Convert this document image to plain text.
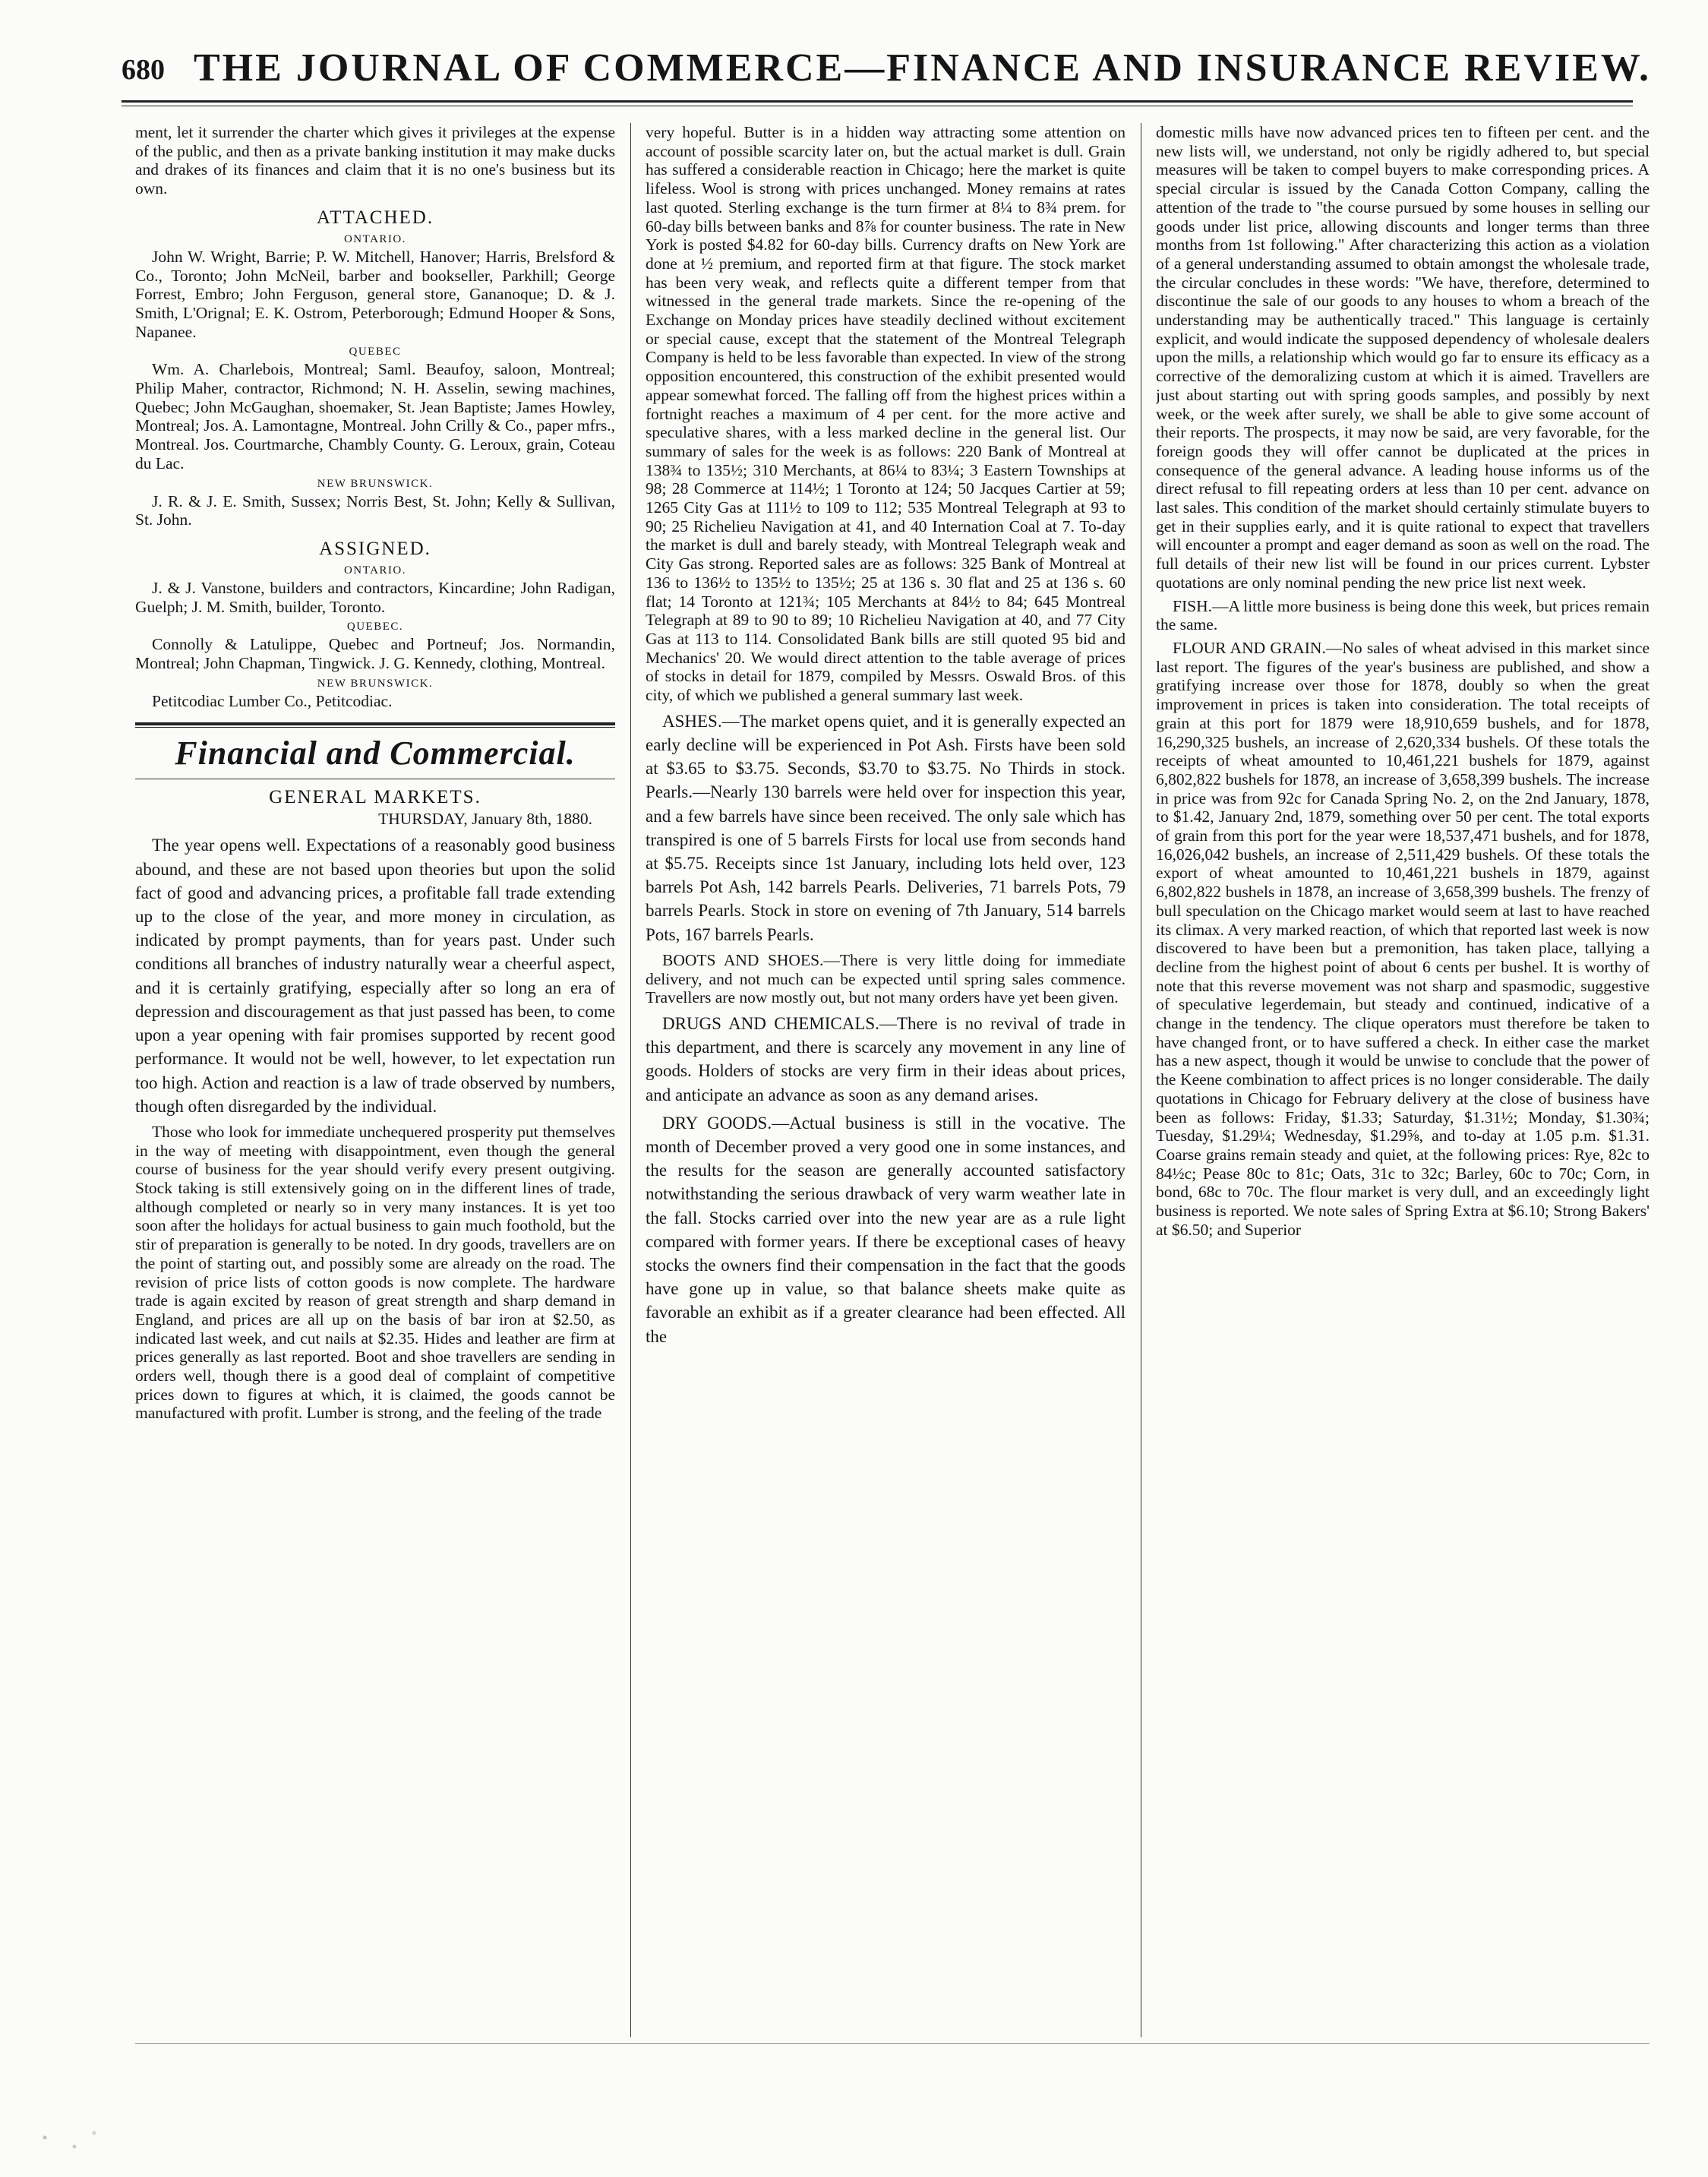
680 THE JOURNAL OF COMMERCE—FINANCE AND INSURANCE REVIEW.

ment, let it surrender the charter which gives it privileges at the expense of the public, and then as a private banking institution it may make ducks and drakes of its finances and claim that it is no one's business but its own.

ATTACHED.
ONTARIO.
John W. Wright, Barrie; P. W. Mitchell, Hanover; Harris, Brelsford & Co., Toronto; John McNeil, barber and bookseller, Parkhill; George Forrest, Embro; John Ferguson, general store, Gananoque; D. & J. Smith, L'Orignal; E. K. Ostrom, Peterborough; Edmund Hooper & Sons, Napanee.
QUEBEC
Wm. A. Charlebois, Montreal; Saml. Beaufoy, saloon, Montreal; Philip Maher, contractor, Richmond; N. H. Asselin, sewing machines, Quebec; John McGaughan, shoemaker, St. Jean Baptiste; James Howley, Montreal; Jos. A. Lamontagne, Montreal. John Crilly & Co., paper mfrs., Montreal. Jos. Courtmarche, Chambly County. G. Leroux, grain, Coteau du Lac.
NEW BRUNSWICK.
J. R. & J. E. Smith, Sussex; Norris Best, St. John; Kelly & Sullivan, St. John.
ASSIGNED.
ONTARIO.
J. & J. Vanstone, builders and contractors, Kincardine; John Radigan, Guelph; J. M. Smith, builder, Toronto.
QUEBEC.
Connolly & Latulippe, Quebec and Portneuf; Jos. Normandin, Montreal; John Chapman, Tingwick. J. G. Kennedy, clothing, Montreal.
NEW BRUNSWICK.
Petitcodiac Lumber Co., Petitcodiac.
Financial and Commercial.
GENERAL MARKETS.
THURSDAY, January 8th, 1880.

The year opens well. Expectations of a reasonably good business abound, and these are not based upon theories but upon the solid fact of good and advancing prices, a profitable fall trade extending up to the close of the year, and more money in circulation, as indicated by prompt payments, than for years past. Under such conditions all branches of industry naturally wear a cheerful aspect, and it is certainly gratifying, especially after so long an era of depression and discouragement as that just passed has been, to come upon a year opening with fair promises supported by recent good performance. It would not be well, however, to let expectation run too high. Action and reaction is a law of trade observed by numbers, though often disregarded by the individual.

Those who look for immediate unchequered prosperity put themselves in the way of meeting with disappointment, even though the general course of business for the year should verify every present outgiving. Stock taking is still extensively going on in the different lines of trade, although completed or nearly so in very many instances. It is yet too soon after the holidays for actual business to gain much foothold, but the stir of preparation is generally to be noted. In dry goods, travellers are on the point of starting out, and possibly some are already on the road. The revision of price lists of cotton goods is now complete. The hardware trade is again excited by reason of great strength and sharp demand in England, and prices are all up on the basis of bar iron at $2.50, as indicated last week, and cut nails at $2.35. Hides and leather are firm at prices generally as last reported. Boot and shoe travellers are sending in orders well, though there is a good deal of complaint of competitive prices down to figures at which, it is claimed, the goods cannot be manufactured with profit. Lumber is strong, and the feeling of the trade

very hopeful. Butter is in a hidden way attracting some attention on account of possible scarcity later on, but the actual market is dull. Grain has suffered a considerable reaction in Chicago; here the market is quite lifeless. Wool is strong with prices unchanged. Money remains at rates last quoted. Sterling exchange is the turn firmer at 8¼ to 8¾ prem. for 60-day bills between banks and 8⅞ for counter business. The rate in New York is posted $4.82 for 60-day bills. Currency drafts on New York are done at ½ premium, and reported firm at that figure. The stock market has been very weak, and reflects quite a different temper from that witnessed in the general trade markets. Since the re-opening of the Exchange on Monday prices have steadily declined without excitement or special cause, except that the statement of the Montreal Telegraph Company is held to be less favorable than expected. In view of the strong opposition encountered, this construction of the exhibit presented would appear somewhat forced. The falling off from the highest prices within a fortnight reaches a maximum of 4 per cent. for the more active and speculative shares, with a less marked decline in the general list. Our summary of sales for the week is as follows: 220 Bank of Montreal at 138¾ to 135½; 310 Merchants, at 86¼ to 83¼; 3 Eastern Townships at 98; 28 Commerce at 114½; 1 Toronto at 124; 50 Jacques Cartier at 59; 1265 City Gas at 111½ to 109 to 112; 535 Montreal Telegraph at 93 to 90; 25 Richelieu Navigation at 41, and 40 Internation Coal at 7. To-day the market is dull and barely steady, with Montreal Telegraph weak and City Gas strong. Reported sales are as follows: 325 Bank of Montreal at 136 to 136½ to 135½ to 135½; 25 at 136 s. 30 flat and 25 at 136 s. 60 flat; 14 Toronto at 121¾; 105 Merchants at 84½ to 84; 645 Montreal Telegraph at 89 to 90 to 89; 10 Richelieu Navigation at 40, and 77 City Gas at 113 to 114. Consolidated Bank bills are still quoted 95 bid and Mechanics' 20. We would direct attention to the table average of prices of stocks in detail for 1879, compiled by Messrs. Oswald Bros. of this city, of which we published a general summary last week.

ASHES.—The market opens quiet, and it is generally expected an early decline will be experienced in Pot Ash. Firsts have been sold at $3.65 to $3.75. Seconds, $3.70 to $3.75. No Thirds in stock. Pearls.—Nearly 130 barrels were held over for inspection this year, and a few barrels have since been received. The only sale which has transpired is one of 5 barrels Firsts for local use from seconds hand at $5.75. Receipts since 1st January, including lots held over, 123 barrels Pot Ash, 142 barrels Pearls. Deliveries, 71 barrels Pots, 79 barrels Pearls. Stock in store on evening of 7th January, 514 barrels Pots, 167 barrels Pearls.

BOOTS AND SHOES.—There is very little doing for immediate delivery, and not much can be expected until spring sales commence. Travellers are now mostly out, but not many orders have yet been given.

DRUGS AND CHEMICALS.—There is no revival of trade in this department, and there is scarcely any movement in any line of goods. Holders of stocks are very firm in their ideas about prices, and anticipate an advance as soon as any demand arises.

DRY GOODS.—Actual business is still in the vocative. The month of December proved a very good one in some instances, and the results for the season are generally accounted satisfactory notwithstanding the serious drawback of very warm weather late in the fall. Stocks carried over into the new year are as a rule light compared with former years. If there be exceptional cases of heavy stocks the owners find their compensation in the fact that the goods have gone up in value, so that balance sheets make quite as favorable an exhibit as if a greater clearance had been effected. All the

domestic mills have now advanced prices ten to fifteen per cent. and the new lists will, we understand, not only be rigidly adhered to, but special measures will be taken to compel buyers to make corresponding prices. A special circular is issued by the Canada Cotton Company, calling the attention of the trade to "the course pursued by some houses in selling our goods under list price, allowing discounts and longer terms than three months from 1st following." After characterizing this action as a violation of a general understanding assumed to obtain amongst the wholesale trade, the circular concludes in these words: "We have, therefore, determined to discontinue the sale of our goods to any houses to whom a breach of the understanding may be authentically traced." This language is certainly explicit, and would indicate the supposed dependency of wholesale dealers upon the mills, a relationship which would go far to ensure its efficacy as a corrective of the demoralizing custom at which it is aimed. Travellers are just about starting out with spring goods samples, and possibly by next week, or the week after surely, we shall be able to give some account of their reports. The prospects, it may now be said, are very favorable, for the foreign goods they will offer cannot be duplicated at the prices in consequence of the general advance. A leading house informs us of the direct refusal to fill repeating orders at less than 10 per cent. advance on last sales. This condition of the market should certainly stimulate buyers to get in their supplies early, and it is quite rational to expect that travellers will encounter a prompt and eager demand as soon as well on the road. The full details of their new list will be found in our prices current. Lybster quotations are only nominal pending the new price list next week.

FISH.—A little more business is being done this week, but prices remain the same.

FLOUR AND GRAIN.—No sales of wheat advised in this market since last report. The figures of the year's business are published, and show a gratifying increase over those for 1878, doubly so when the great improvement in prices is taken into consideration. The total receipts of grain at this port for 1879 were 18,910,659 bushels, and for 1878, 16,290,325 bushels, an increase of 2,620,334 bushels. Of these totals the receipts of wheat amounted to 10,461,221 bushels for 1879, against 6,802,822 bushels for 1878, an increase of 3,658,399 bushels. The increase in price was from 92c for Canada Spring No. 2, on the 2nd January, 1878, to $1.42, January 2nd, 1879, something over 50 per cent. The total exports of grain from this port for the year were 18,537,471 bushels, and for 1878, 16,026,042 bushels, an increase of 2,511,429 bushels. Of these totals the export of wheat amounted to 10,461,221 bushels in 1879, against 6,802,822 bushels in 1878, an increase of 3,658,399 bushels. The frenzy of bull speculation on the Chicago market would seem at last to have reached its climax. A very marked reaction, of which that reported last week is now discovered to have been but a premonition, has taken place, tallying a decline from the highest point of about 6 cents per bushel. It is worthy of note that this reverse movement was not sharp and spasmodic, suggestive of speculative legerdemain, but steady and continued, indicative of a change in the tendency. The clique operators must therefore be taken to have changed front, or to have suffered a check. In either case the market has a new aspect, though it would be unwise to conclude that the power of the Keene combination to affect prices is no longer considerable. The daily quotations in Chicago for February delivery at the close of business have been as follows: Friday, $1.33; Saturday, $1.31½; Monday, $1.30¾; Tuesday, $1.29¼; Wednesday, $1.29⅝, and to-day at 1.05 p.m. $1.31. Coarse grains remain steady and quiet, at the following prices: Rye, 82c to 84½c; Pease 80c to 81c; Oats, 31c to 32c; Barley, 60c to 70c; Corn, in bond, 68c to 70c. The flour market is very dull, and an exceedingly light business is reported. We note sales of Spring Extra at $6.10; Strong Bakers' at $6.50; and Superior
